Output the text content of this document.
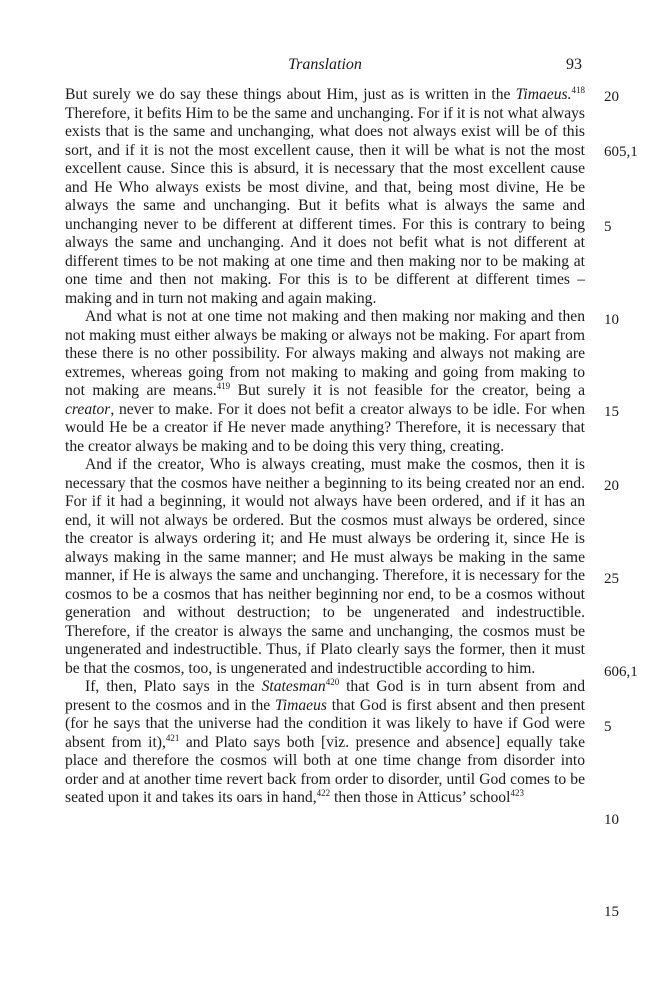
Translation	93

But surely we do say these things about Him, just as is written in the Timaeus.$^{418}$ Therefore, it befits Him to be the same and unchanging. For if it is not what always exists that is the same and unchanging, what does not always exist will be of this sort, and if it is not the most excellent cause, then it will be what is not the most excellent cause. Since this is absurd, it is necessary that the most excellent cause and He Who always exists be most divine, and that, being most divine, He be always the same and unchanging. But it befits what is always the same and unchanging never to be different at different times. For this is contrary to being always the same and unchanging. And it does not befit what is not different at different times to be not making at one time and then making nor to be making at one time and then not making. For this is to be different at different times – making and in turn not making and again making.

And what is not at one time not making and then making nor making and then not making must either always be making or always not be making. For apart from these there is no other possibility. For always making and always not making are extremes, whereas going from not making to making and going from making to not making are means.$^{419}$ But surely it is not feasible for the creator, being a creator, never to make. For it does not befit a creator always to be idle. For when would He be a creator if He never made anything? Therefore, it is necessary that the creator always be making and to be doing this very thing, creating.

And if the creator, Who is always creating, must make the cosmos, then it is necessary that the cosmos have neither a beginning to its being created nor an end. For if it had a beginning, it would not always have been ordered, and if it has an end, it will not always be ordered. But the cosmos must always be ordered, since the creator is always ordering it; and He must always be ordering it, since He is always making in the same manner; and He must always be making in the same manner, if He is always the same and unchanging. Therefore, it is necessary for the cosmos to be a cosmos that has neither beginning nor end, to be a cosmos without generation and without destruction; to be ungenerated and indestructible. Therefore, if the creator is always the same and unchanging, the cosmos must be ungenerated and indestructible. Thus, if Plato clearly says the former, then it must be that the cosmos, too, is ungenerated and indestructible according to him.

If, then, Plato says in the Statesman$^{420}$ that God is in turn absent from and present to the cosmos and in the Timaeus that God is first absent and then present (for he says that the universe had the condition it was likely to have if God were absent from it),$^{421}$ and Plato says both [viz. presence and absence] equally take place and therefore the cosmos will both at one time change from disorder into order and at another time revert back from order to disorder, until God comes to be seated upon it and takes its oars in hand,$^{422}$ then those in Atticus’ school$^{423}$

20
605,1
5
10
15
20
25
606,1
5
10
15
